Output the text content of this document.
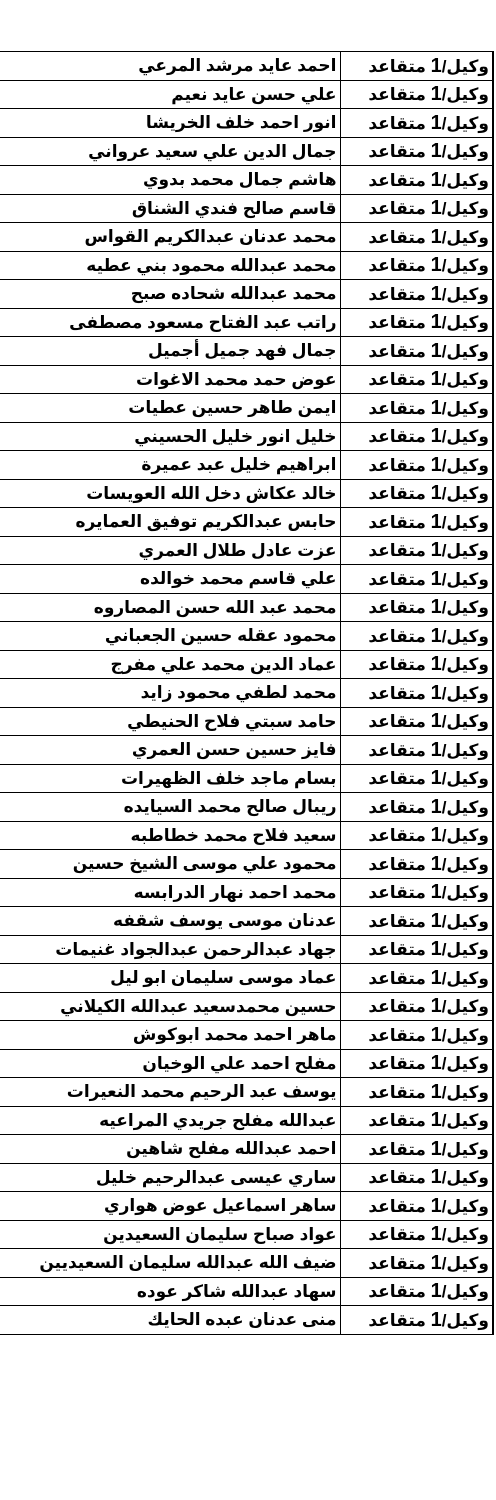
وكيل/1 متقاعد	احمد عايد مرشد المرعي
وكيل/1 متقاعد	علي حسن عايد نعيم
وكيل/1 متقاعد	انور احمد خلف الخريشا
وكيل/1 متقاعد	جمال الدين علي سعيد عرواني
وكيل/1 متقاعد	هاشم جمال محمد بدوي
وكيل/1 متقاعد	قاسم صالح فندي الشناق
وكيل/1 متقاعد	محمد عدنان عبدالكريم القواس
وكيل/1 متقاعد	محمد عبدالله محمود بني عطيه
وكيل/1 متقاعد	محمد عبدالله شحاده صبح
وكيل/1 متقاعد	راتب عبد الفتاح مسعود مصطفى
وكيل/1 متقاعد	جمال فهد جميل أجميل
وكيل/1 متقاعد	عوض حمد محمد الاغوات
وكيل/1 متقاعد	ايمن طاهر حسين عطيات
وكيل/1 متقاعد	خليل انور خليل الحسيني
وكيل/1 متقاعد	ابراهيم خليل عبد عميرة
وكيل/1 متقاعد	خالد عكاش دخل الله العويسات
وكيل/1 متقاعد	حابس عبدالكريم توفيق العمايره
وكيل/1 متقاعد	عزت عادل طلال العمري
وكيل/1 متقاعد	علي قاسم محمد خوالده
وكيل/1 متقاعد	محمد عبد الله حسن المصاروه
وكيل/1 متقاعد	محمود عقله حسين الجعباني
وكيل/1 متقاعد	عماد الدين محمد علي مفرج
وكيل/1 متقاعد	محمد لطفي محمود زايد
وكيل/1 متقاعد	حامد سبتي فلاح الحنيطي
وكيل/1 متقاعد	فايز حسين حسن العمري
وكيل/1 متقاعد	بسام ماجد خلف الظهيرات
وكيل/1 متقاعد	ريبال صالح محمد السيايده
وكيل/1 متقاعد	سعيد فلاح محمد خطاطبه
وكيل/1 متقاعد	محمود علي موسى الشيخ حسين
وكيل/1 متقاعد	محمد احمد نهار الدرابسه
وكيل/1 متقاعد	عدنان موسى يوسف شقفه
وكيل/1 متقاعد	جهاد عبدالرحمن عبدالجواد غنيمات
وكيل/1 متقاعد	عماد موسى سليمان ابو ليل
وكيل/1 متقاعد	حسين محمدسعيد عبدالله الكيلاني
وكيل/1 متقاعد	ماهر احمد محمد ابوكوش
وكيل/1 متقاعد	مفلح احمد علي الوخيان
وكيل/1 متقاعد	يوسف عبد الرحيم محمد النعيرات
وكيل/1 متقاعد	عبدالله مفلح جريدي المراعيه
وكيل/1 متقاعد	احمد عبدالله مفلح شاهين
وكيل/1 متقاعد	ساري عيسى عبدالرحيم خليل
وكيل/1 متقاعد	ساهر اسماعيل عوض هواري
وكيل/1 متقاعد	عواد صباح سليمان السعيدين
وكيل/1 متقاعد	ضيف الله عبدالله سليمان السعيديين
وكيل/1 متقاعد	سهاد عبدالله شاكر عوده
وكيل/1 متقاعد	منى عدنان عبده الحايك
